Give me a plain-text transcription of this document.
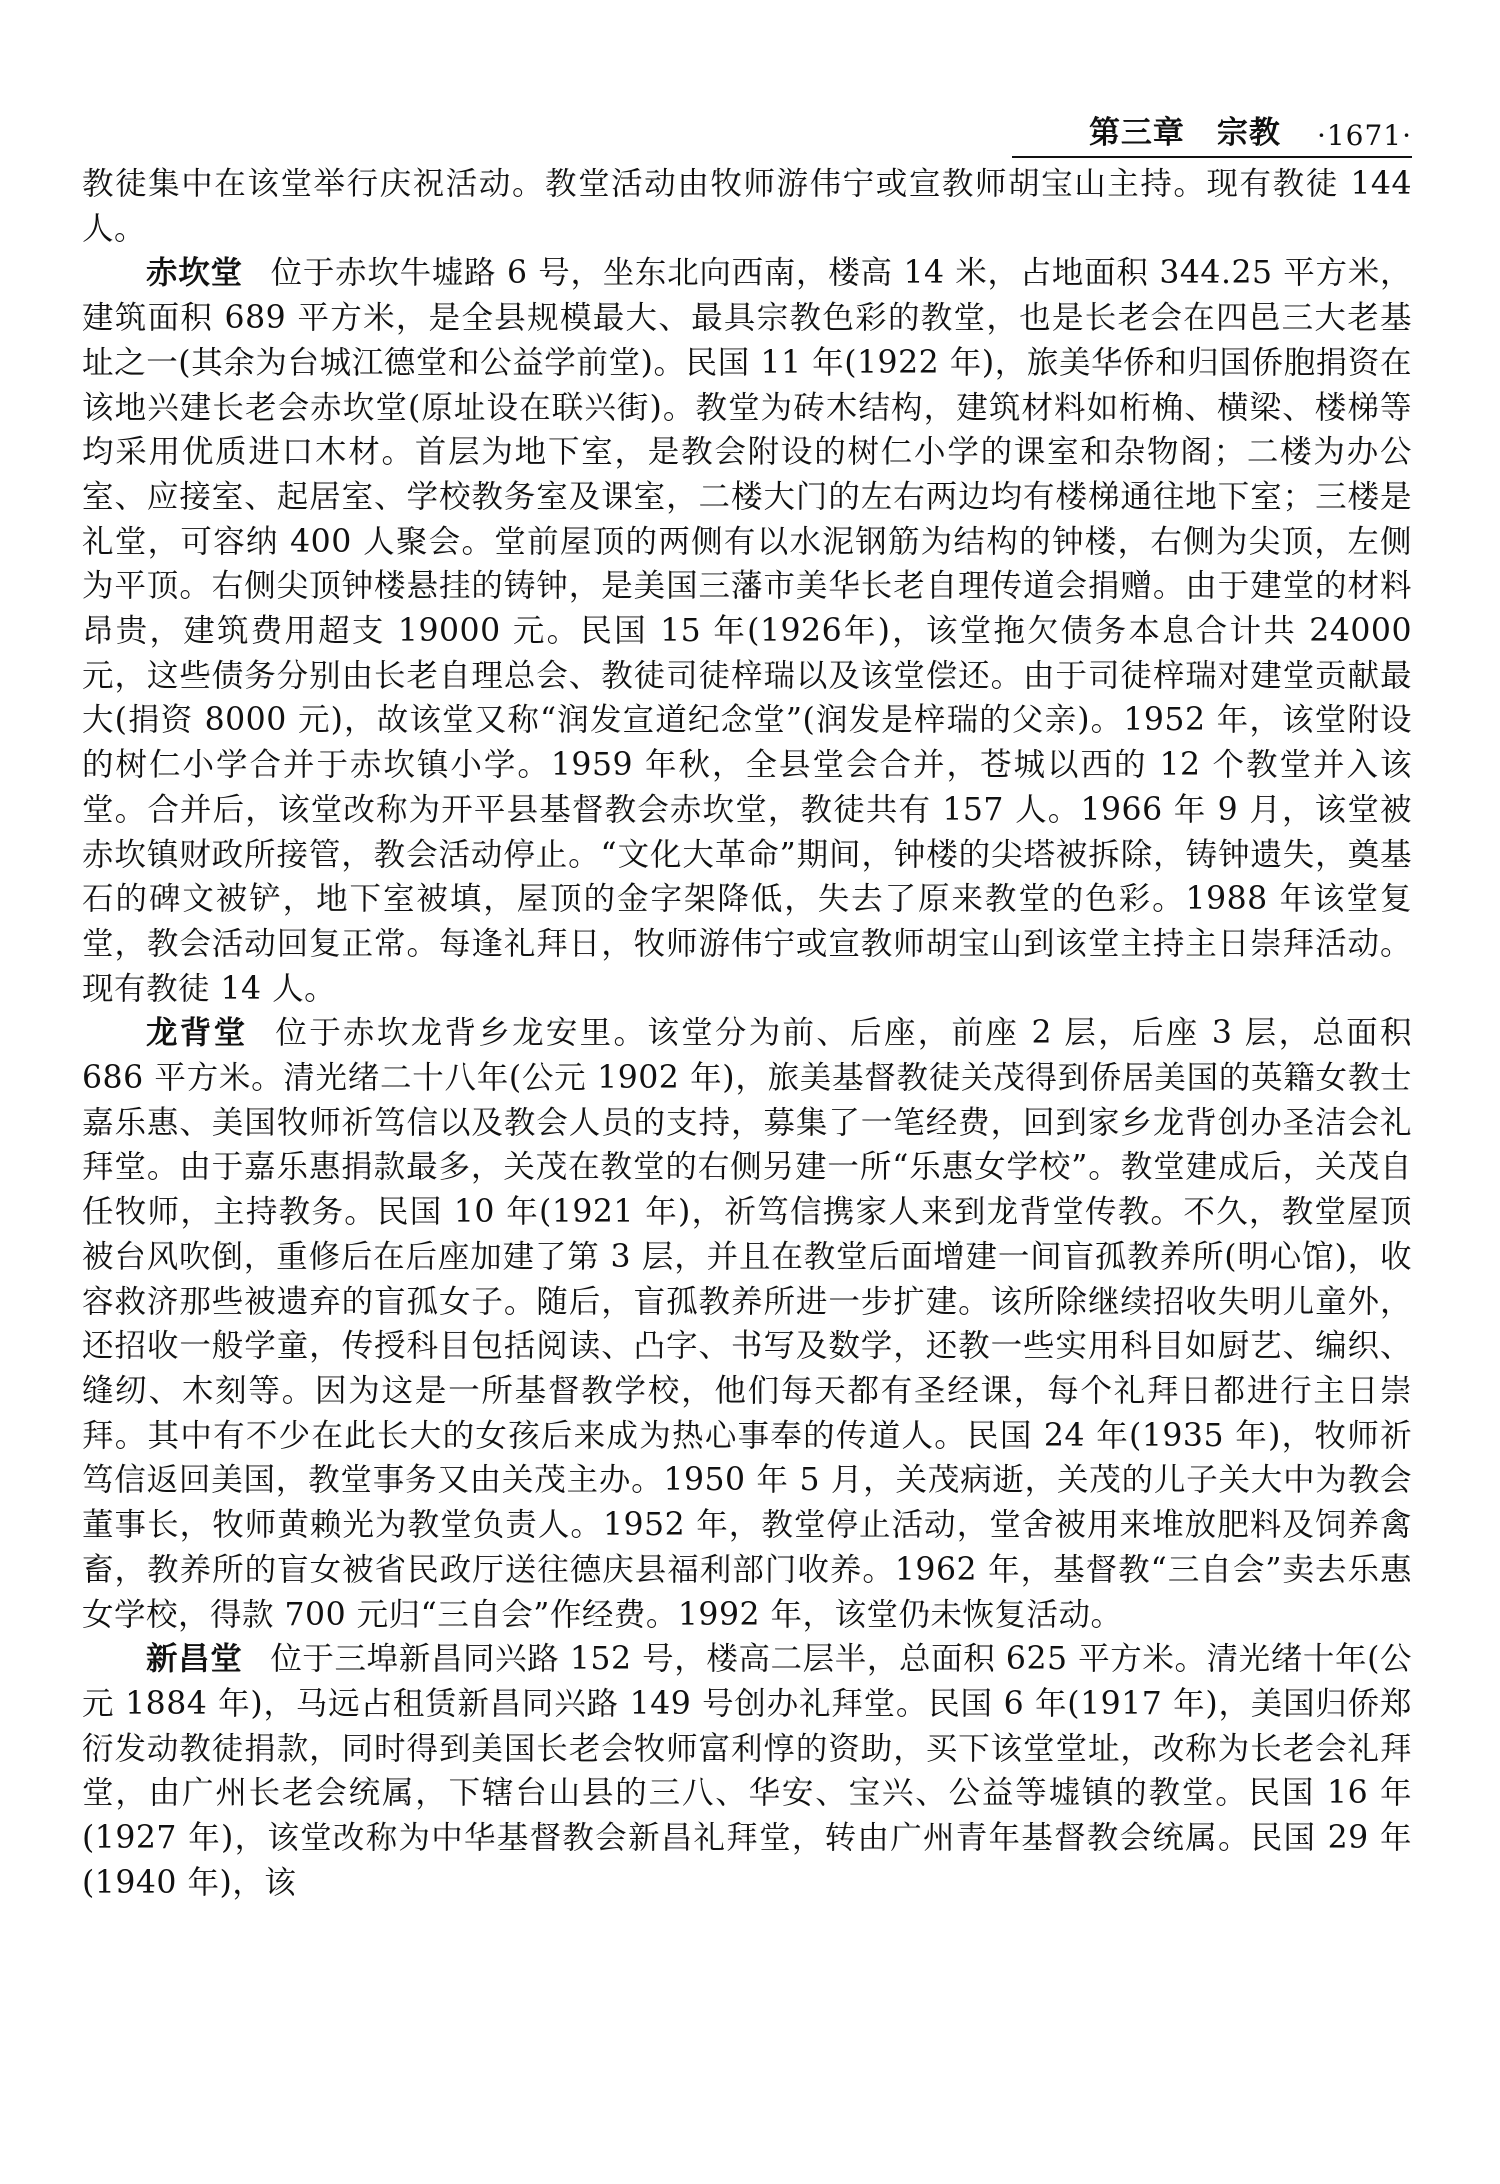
第三章　宗教 ·1671·

教徒集中在该堂举行庆祝活动。教堂活动由牧师游伟宁或宣教师胡宝山主持。现有教徒 144 人。

赤坎堂 位于赤坎牛墟路 6 号，坐东北向西南，楼高 14 米，占地面积 344.25 平方米，建筑面积 689 平方米，是全县规模最大、最具宗教色彩的教堂，也是长老会在四邑三大老基址之一(其余为台城江德堂和公益学前堂)。民国 11 年(1922 年)，旅美华侨和归国侨胞捐资在该地兴建长老会赤坎堂(原址设在联兴街)。教堂为砖木结构，建筑材料如桁桷、横梁、楼梯等均采用优质进口木材。首层为地下室，是教会附设的树仁小学的课室和杂物阁；二楼为办公室、应接室、起居室、学校教务室及课室，二楼大门的左右两边均有楼梯通往地下室；三楼是礼堂，可容纳 400 人聚会。堂前屋顶的两侧有以水泥钢筋为结构的钟楼，右侧为尖顶，左侧为平顶。右侧尖顶钟楼悬挂的铸钟，是美国三藩市美华长老自理传道会捐赠。由于建堂的材料昂贵，建筑费用超支 19000 元。民国 15 年(1926年)，该堂拖欠债务本息合计共 24000 元，这些债务分别由长老自理总会、教徒司徒梓瑞以及该堂偿还。由于司徒梓瑞对建堂贡献最大(捐资 8000 元)，故该堂又称“润发宣道纪念堂”(润发是梓瑞的父亲)。1952 年，该堂附设的树仁小学合并于赤坎镇小学。1959 年秋，全县堂会合并，苍城以西的 12 个教堂并入该堂。合并后，该堂改称为开平县基督教会赤坎堂，教徒共有 157 人。1966 年 9 月，该堂被赤坎镇财政所接管，教会活动停止。“文化大革命”期间，钟楼的尖塔被拆除，铸钟遗失，奠基石的碑文被铲，地下室被填，屋顶的金字架降低，失去了原来教堂的色彩。1988 年该堂复堂，教会活动回复正常。每逢礼拜日，牧师游伟宁或宣教师胡宝山到该堂主持主日崇拜活动。现有教徒 14 人。

龙背堂 位于赤坎龙背乡龙安里。该堂分为前、后座，前座 2 层，后座 3 层，总面积 686 平方米。清光绪二十八年(公元 1902 年)，旅美基督教徒关茂得到侨居美国的英籍女教士嘉乐惠、美国牧师祈笃信以及教会人员的支持，募集了一笔经费，回到家乡龙背创办圣洁会礼拜堂。由于嘉乐惠捐款最多，关茂在教堂的右侧另建一所“乐惠女学校”。教堂建成后，关茂自任牧师，主持教务。民国 10 年(1921 年)，祈笃信携家人来到龙背堂传教。不久，教堂屋顶被台风吹倒，重修后在后座加建了第 3 层，并且在教堂后面增建一间盲孤教养所(明心馆)，收容救济那些被遗弃的盲孤女子。随后，盲孤教养所进一步扩建。该所除继续招收失明儿童外，还招收一般学童，传授科目包括阅读、凸字、书写及数学，还教一些实用科目如厨艺、编织、缝纫、木刻等。因为这是一所基督教学校，他们每天都有圣经课，每个礼拜日都进行主日崇拜。其中有不少在此长大的女孩后来成为热心事奉的传道人。民国 24 年(1935 年)，牧师祈笃信返回美国，教堂事务又由关茂主办。1950 年 5 月，关茂病逝，关茂的儿子关大中为教会董事长，牧师黄赖光为教堂负责人。1952 年，教堂停止活动，堂舍被用来堆放肥料及饲养禽畜，教养所的盲女被省民政厅送往德庆县福利部门收养。1962 年，基督教“三自会”卖去乐惠女学校，得款 700 元归“三自会”作经费。1992 年，该堂仍未恢复活动。

新昌堂 位于三埠新昌同兴路 152 号，楼高二层半，总面积 625 平方米。清光绪十年(公元 1884 年)，马远占租赁新昌同兴路 149 号创办礼拜堂。民国 6 年(1917 年)，美国归侨郑衍发动教徒捐款，同时得到美国长老会牧师富利惇的资助，买下该堂堂址，改称为长老会礼拜堂，由广州长老会统属，下辖台山县的三八、华安、宝兴、公益等墟镇的教堂。民国 16 年(1927 年)，该堂改称为中华基督教会新昌礼拜堂，转由广州青年基督教会统属。民国 29 年(1940 年)，该
